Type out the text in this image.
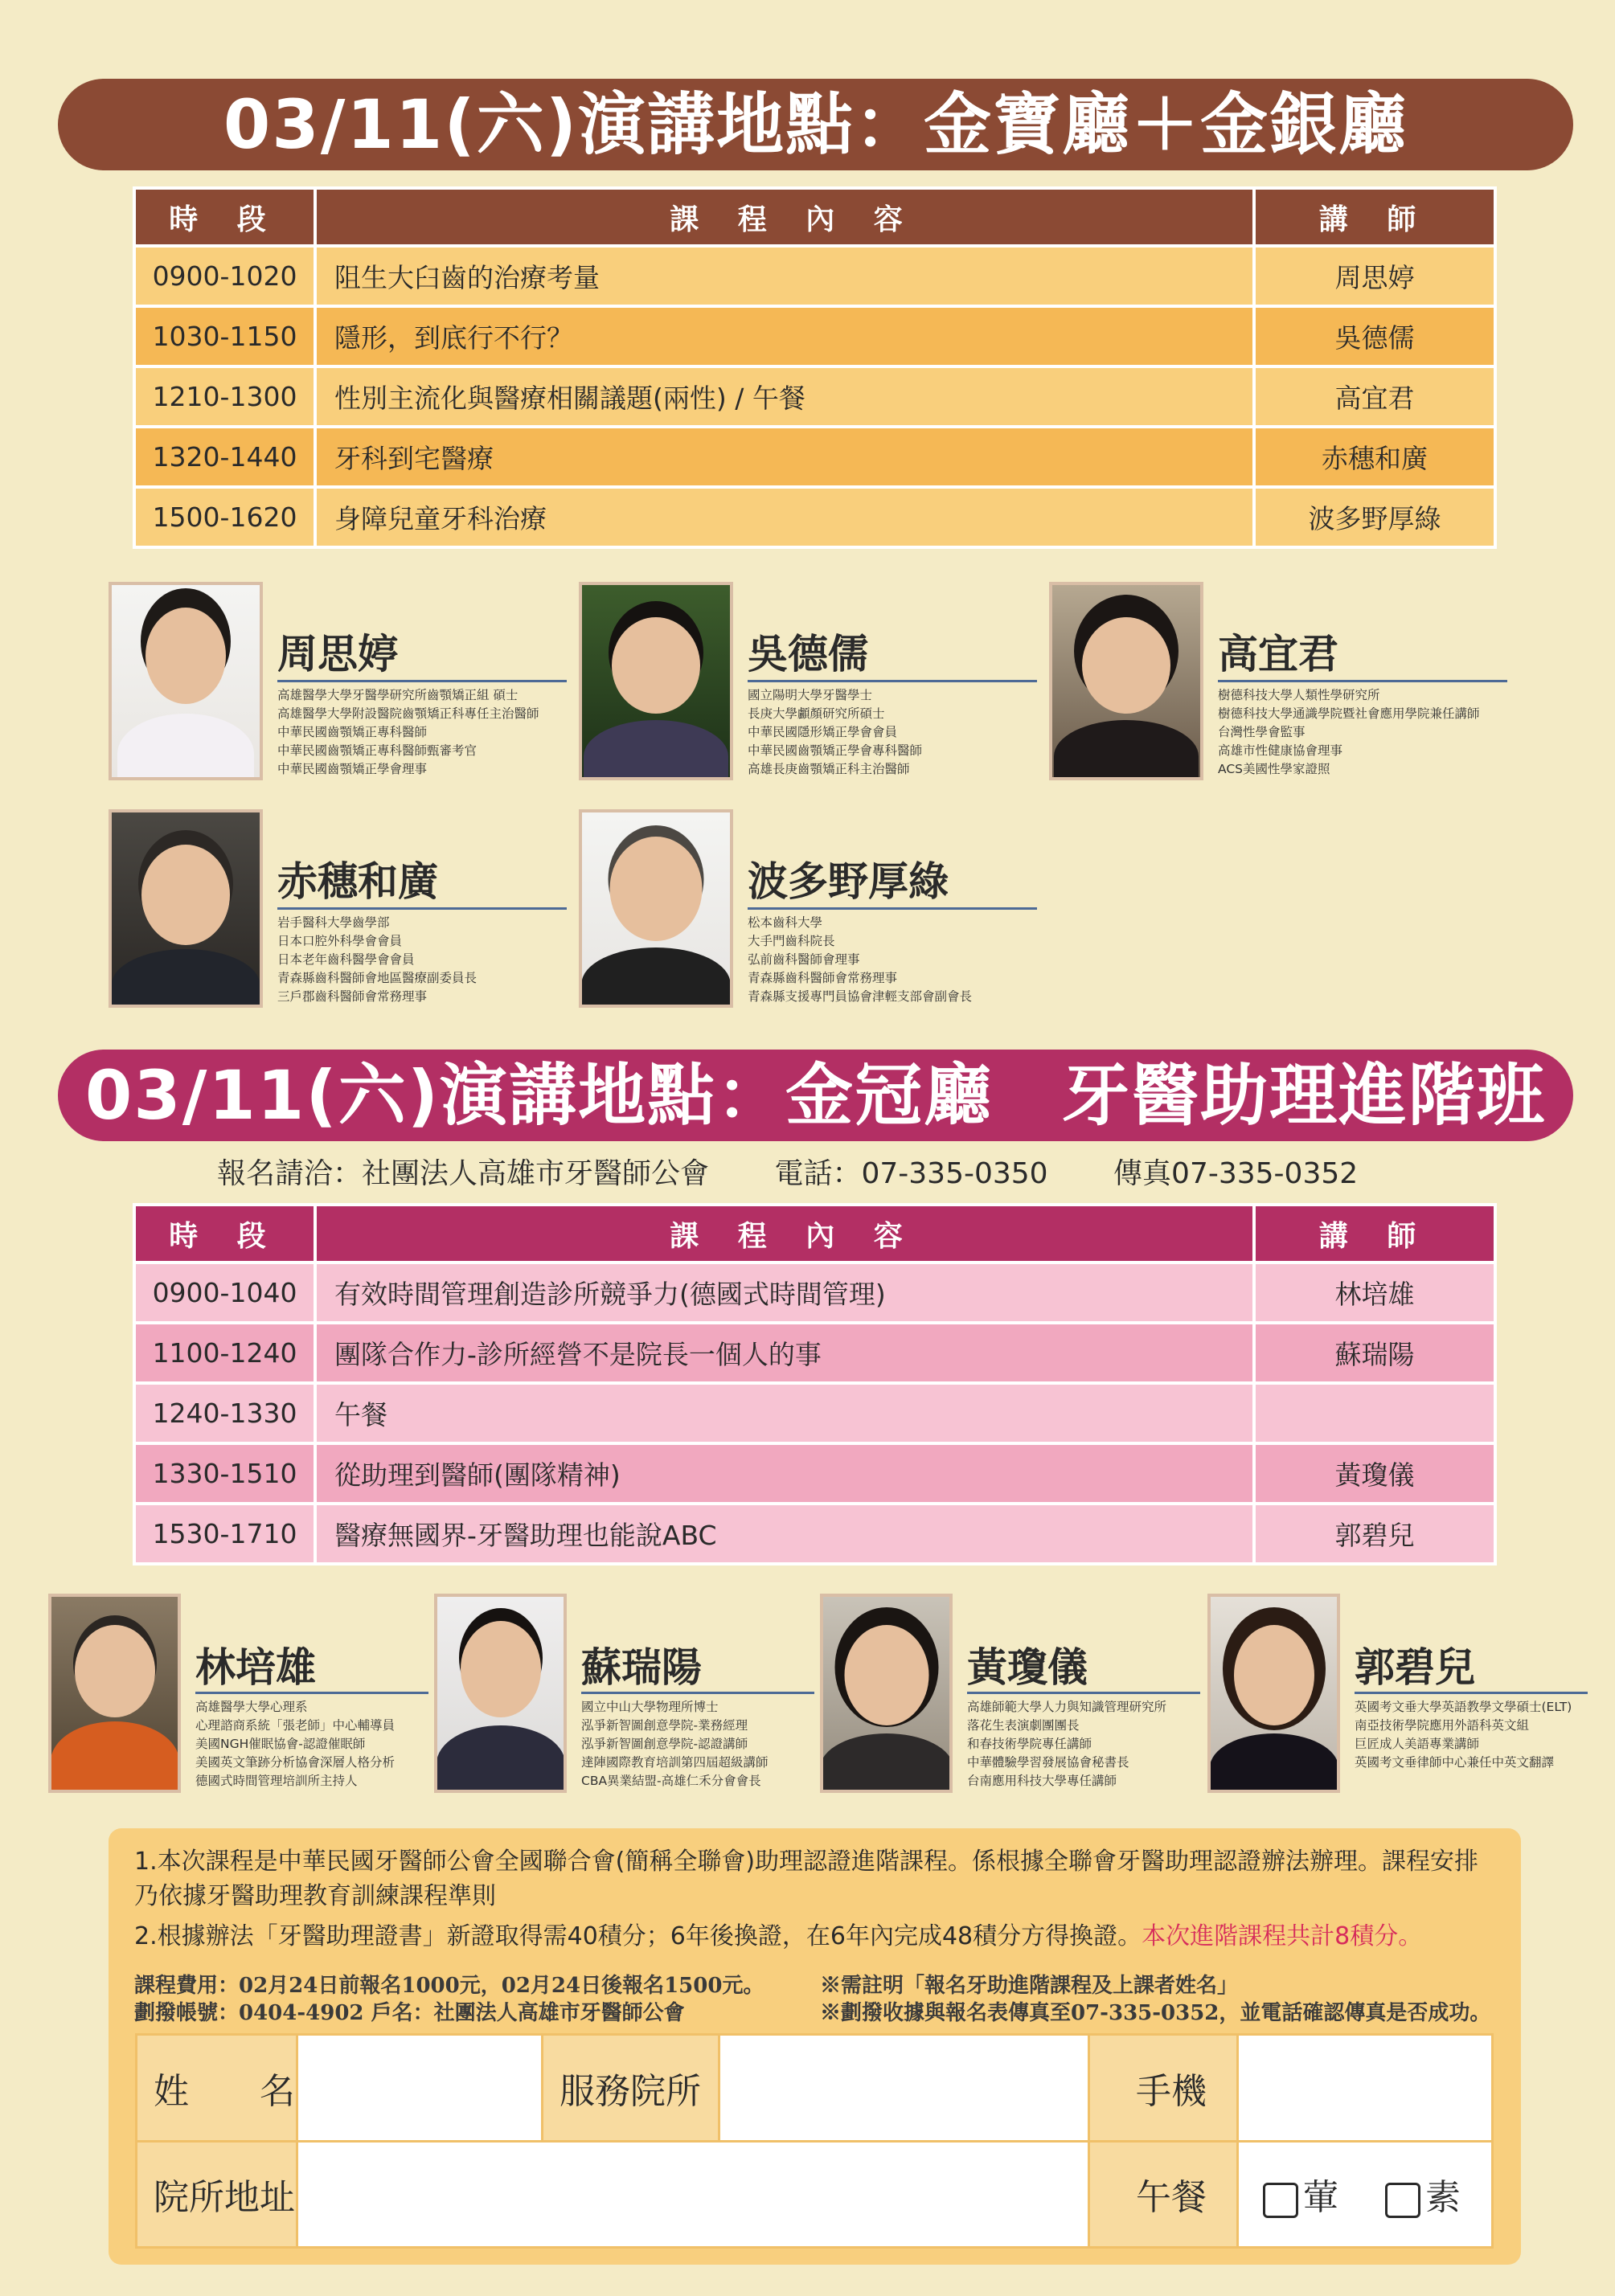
03/11(六)演講地點：金寶廳＋金銀廳
時 段	課 程 內 容	講 師
0900-1020	阻生大臼齒的治療考量	周思婷
1030-1150	隱形，到底行不行？	吳德儒
1210-1300	性別主流化與醫療相關議題(兩性) / 午餐	高宜君
1320-1440	牙科到宅醫療	赤穗和廣
1500-1620	身障兒童牙科治療	波多野厚綠
周思婷
高雄醫學大學牙醫學研究所齒顎矯正組 碩士
高雄醫學大學附設醫院齒顎矯正科專任主治醫師
中華民國齒顎矯正專科醫師
中華民國齒顎矯正專科醫師甄審考官
中華民國齒顎矯正學會理事
吳德儒
國立陽明大學牙醫學士
長庚大學顱顏研究所碩士
中華民國隱形矯正學會會員
中華民國齒顎矯正學會專科醫師
高雄長庚齒顎矯正科主治醫師
高宜君
樹德科技大學人類性學研究所
樹德科技大學通識學院暨社會應用學院兼任講師
台灣性學會監事
高雄市性健康協會理事
ACS美國性學家證照
赤穗和廣
岩手醫科大學齒學部
日本口腔外科學會會員
日本老年齒科醫學會會員
青森縣齒科醫師會地區醫療副委員長
三戶郡齒科醫師會常務理事
波多野厚綠
松本齒科大學
大手門齒科院長
弘前齒科醫師會理事
青森縣齒科醫師會常務理事
青森縣支援專門員協會津輕支部會副會長
03/11(六)演講地點：金冠廳　牙醫助理進階班
報名請洽：社團法人高雄市牙醫師公會 電話：07-335-0350 傳真07-335-0352
時 段	課 程 內 容	講 師
0900-1040	有效時間管理創造診所競爭力(德國式時間管理)	林培雄
1100-1240	團隊合作力-診所經營不是院長一個人的事	蘇瑞陽
1240-1330	午餐	
1330-1510	從助理到醫師(團隊精神)	黃瓊儀
1530-1710	醫療無國界-牙醫助理也能說ABC	郭碧兒
林培雄
高雄醫學大學心理系
心理諮商系統「張老師」中心輔導員
美國NGH催眠協會-認證催眠師
美國英文筆跡分析協會深層人格分析
德國式時間管理培訓所主持人
蘇瑞陽
國立中山大學物理所博士
泓爭新智圖創意學院-業務經理
泓爭新智圖創意學院-認證講師
達陣國際教育培訓第四屆超級講師
CBA異業結盟-高雄仁禾分會會長
黃瓊儀
高雄師範大學人力與知識管理研究所
落花生表演劇團團長
和春技術學院專任講師
中華體驗學習發展協會秘書長
台南應用科技大學專任講師
郭碧兒
英國考文垂大學英語教學文學碩士(ELT)
南亞技術學院應用外語科英文組
巨匠成人美語專業講師
英國考文垂律師中心兼任中英文翻譯
1.本次課程是中華民國牙醫師公會全國聯合會(簡稱全聯會)助理認證進階課程。係根據全聯會牙醫助理認證辦法辦理。課程安排乃依據牙醫助理教育訓練課程準則
2.根據辦法「牙醫助理證書」新證取得需40積分；6年後換證，在6年內完成48積分方得換證。本次進階課程共計8積分。
課程費用：02月24日前報名1000元，02月24日後報名1500元。
劃撥帳號：0404-4902 戶名：社團法人高雄市牙醫師公會
※需註明「報名牙助進階課程及上課者姓名」
※劃撥收據與報名表傳真至07-335-0352，並電話確認傳真是否成功。
姓　　名		服務院所		手機	
院所地址				午餐	葷 素
